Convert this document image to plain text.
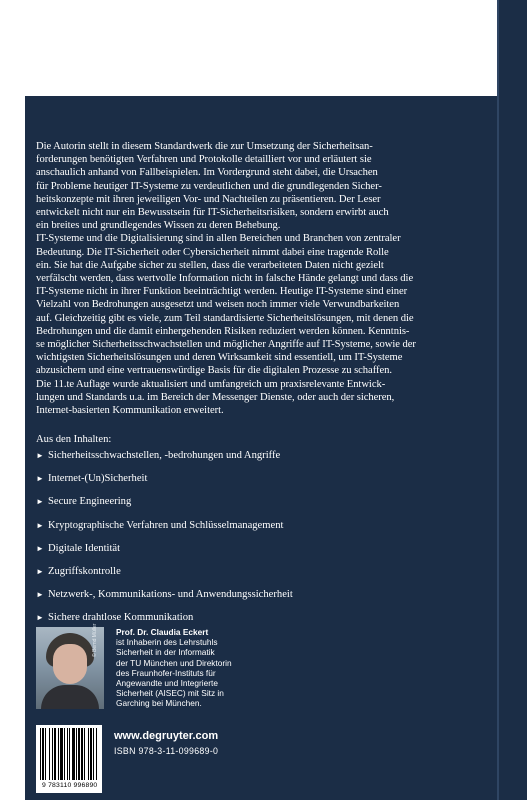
Die Autorin stellt in diesem Standardwerk die zur Umsetzung der Sicherheitsan-

forderungen benötigten Verfahren und Protokolle detailliert vor und erläutert sie

anschaulich anhand von Fallbeispielen. Im Vordergrund steht dabei, die Ursachen

für Probleme heutiger IT-Systeme zu verdeutlichen und die grundlegenden Sicher-

heitskonzepte mit ihren jeweiligen Vor- und Nachteilen zu präsentieren. Der Leser

entwickelt nicht nur ein Bewusstsein für IT-Sicherheitsrisiken, sondern erwirbt auch

ein breites und grundlegendes Wissen zu deren Behebung.

IT-Systeme und die Digitalisierung sind in allen Bereichen und Branchen von zentraler

Bedeutung. Die IT-Sicherheit oder Cybersicherheit nimmt dabei eine tragende Rolle

ein. Sie hat die Aufgabe sicher zu stellen, dass die verarbeiteten Daten nicht gezielt

verfälscht werden, dass wertvolle Information nicht in falsche Hände gelangt und dass die

IT-Systeme nicht in ihrer Funktion beeinträchtigt werden. Heutige IT-Systeme sind einer

Vielzahl von Bedrohungen ausgesetzt und weisen noch immer viele Verwundbarkeiten

auf. Gleichzeitig gibt es viele, zum Teil standardisierte Sicherheitslösungen, mit denen die

Bedrohungen und die damit einhergehenden Risiken reduziert werden können. Kenntnis-

se möglicher Sicherheitsschwachstellen und möglicher Angriffe auf IT-Systeme, sowie der

wichtigsten Sicherheitslösungen und deren Wirksamkeit sind essentiell, um IT-Systeme

abzusichern und eine vertrauenswürdige Basis für die digitalen Prozesse zu schaffen.

Die 11.te Auflage wurde aktualisiert und umfangreich um praxisrelevante Entwick-

lungen und Standards u.a. im Bereich der Messenger Dienste, oder auch der sicheren,

Internet-basierten Kommunikation erweitert.

Aus den Inhalten:

► Sicherheitsschwachstellen, -bedrohungen und Angriffe
► Internet-(Un)Sicherheit
► Secure Engineering
► Kryptographische Verfahren und Schlüsselmanagement
► Digitale Identität
► Zugriffskontrolle
► Netzwerk-, Kommunikations- und Anwendungssicherheit
► Sichere drahtlose Kommunikation
© Bernd Müller Prof. Dr. Claudia Eckert
ist Inhaberin des Lehrstuhls
Sicherheit in der Informatik
der TU München und Direktorin
des Fraunhofer-Instituts für
Angewandte und Integrierte
Sicherheit (AISEC) mit Sitz in
Garching bei München.
9 783110 996890
www.degruyter.com
ISBN 978-3-11-099689-0
